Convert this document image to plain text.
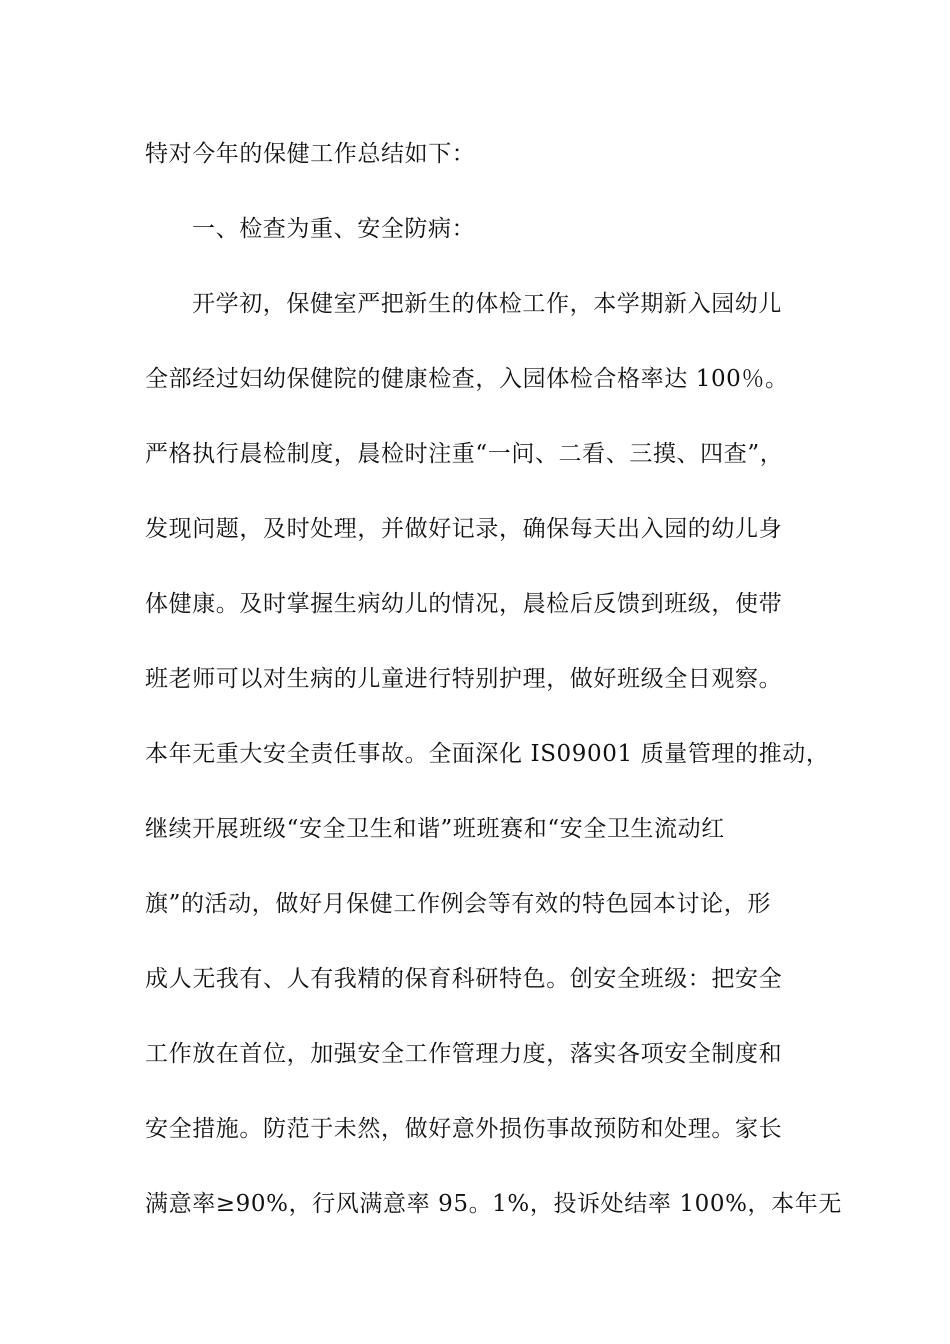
特对今年的保健工作总结如下：
一、检查为重、安全防病：
开学初，保健室严把新生的体检工作，本学期新入园幼儿
全部经过妇幼保健院的健康检查，入园体检合格率达 100％。
严格执行晨检制度，晨检时注重“一问、二看、三摸、四查”，
发现问题，及时处理，并做好记录，确保每天出入园的幼儿身
体健康。及时掌握生病幼儿的情况，晨检后反馈到班级，使带
班老师可以对生病的儿童进行特别护理，做好班级全日观察。
本年无重大安全责任事故。全面深化 IS09001 质量管理的推动，
继续开展班级“安全卫生和谐”班班赛和“安全卫生流动红
旗”的活动，做好月保健工作例会等有效的特色园本讨论，形
成人无我有、人有我精的保育科研特色。创安全班级：把安全
工作放在首位，加强安全工作管理力度，落实各项安全制度和
安全措施。防范于未然，做好意外损伤事故预防和处理。家长
满意率≥90%，行风满意率 95。1%，投诉处结率 100%，本年无
